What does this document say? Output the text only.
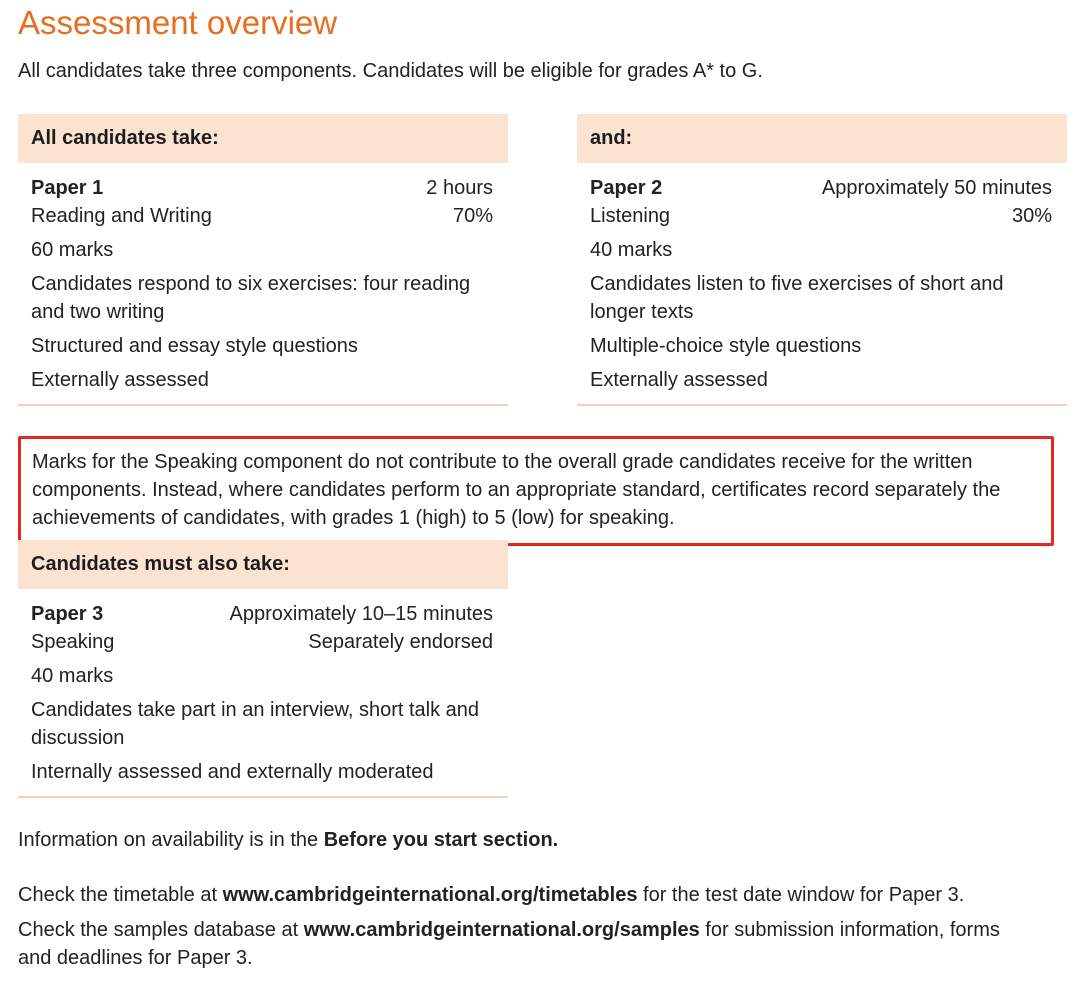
Assessment overview
All candidates take three components. Candidates will be eligible for grades A* to G.
All candidates take:
Paper 1	2 hours
Reading and Writing	70%
60 marks
Candidates respond to six exercises: four reading and two writing
Structured and essay style questions
Externally assessed
and:
Paper 2	Approximately 50 minutes
Listening	30%
40 marks
Candidates listen to five exercises of short and longer texts
Multiple-choice style questions
Externally assessed
Marks for the Speaking component do not contribute to the overall grade candidates receive for the written components. Instead, where candidates perform to an appropriate standard, certificates record separately the achievements of candidates, with grades 1 (high) to 5 (low) for speaking.
Candidates must also take:
Paper 3	Approximately 10–15 minutes
Speaking	Separately endorsed
40 marks
Candidates take part in an interview, short talk and discussion
Internally assessed and externally moderated
Information on availability is in the Before you start section.
Check the timetable at www.cambridgeinternational.org/timetables for the test date window for Paper 3.
Check the samples database at www.cambridgeinternational.org/samples for submission information, forms and deadlines for Paper 3.
